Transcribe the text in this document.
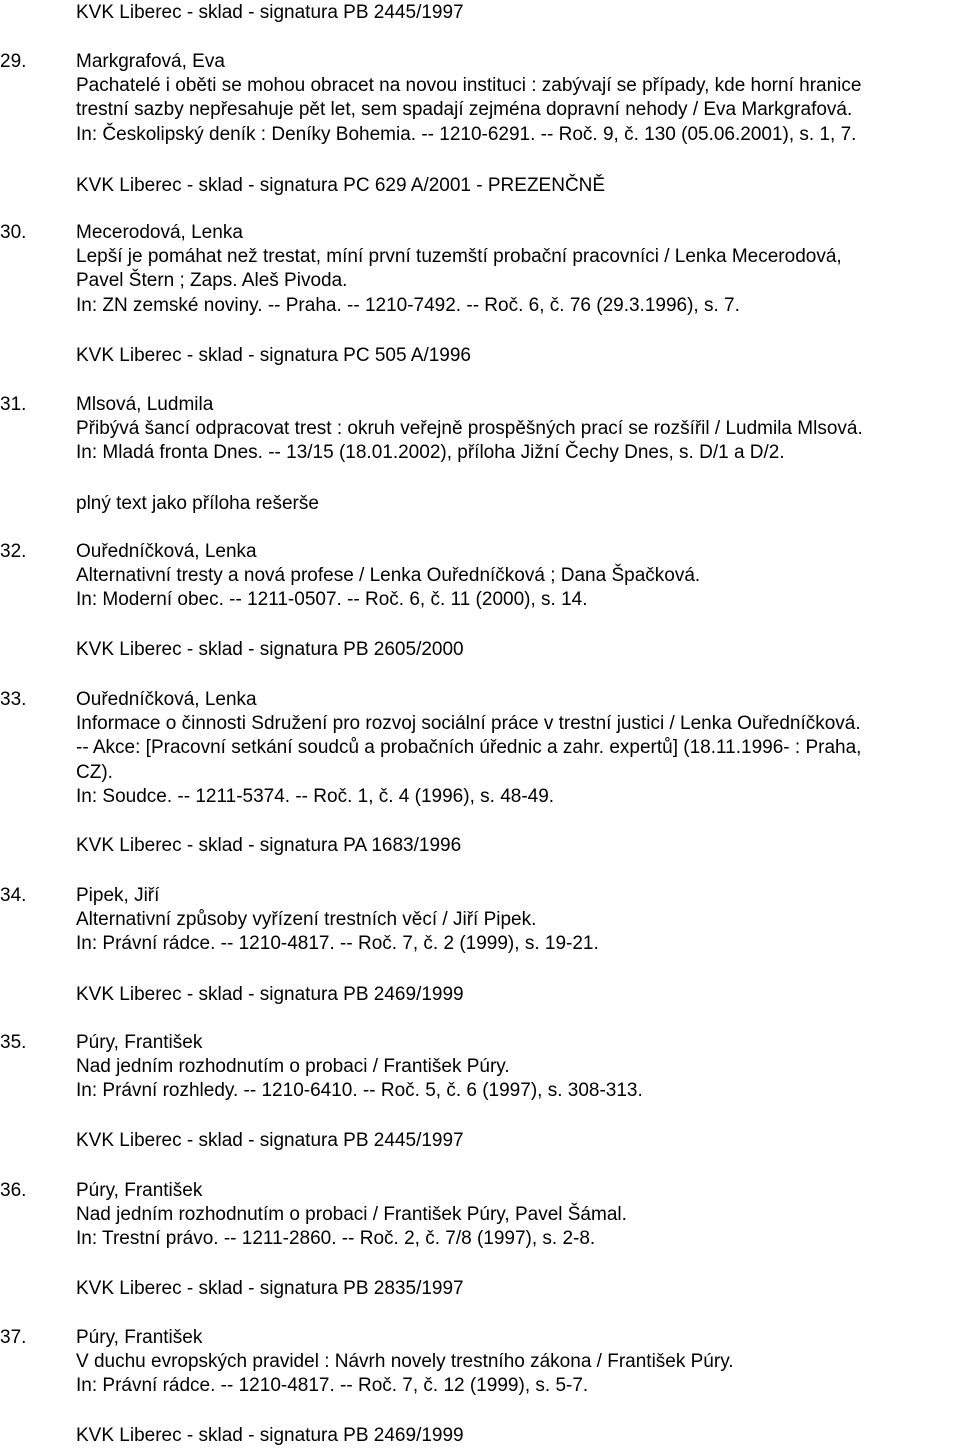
KVK Liberec - sklad - signatura PB 2445/1997
29.	Markgrafová, Eva
Pachatelé i oběti se mohou obracet na novou instituci : zabývají se případy, kde horní hranice
trestní sazby nepřesahuje pět let, sem spadají zejména dopravní nehody / Eva Markgrafová.
In: Českolipský deník : Deníky Bohemia. -- 1210-6291. -- Roč. 9, č. 130 (05.06.2001), s. 1, 7.
KVK Liberec - sklad - signatura PC 629 A/2001 - PREZENČNĚ
30.	Mecerodová, Lenka
Lepší je pomáhat než trestat, míní první tuzemští probační pracovníci / Lenka Mecerodová,
Pavel Štern ; Zaps. Aleš Pivoda.
In: ZN zemské noviny. -- Praha. -- 1210-7492. -- Roč. 6, č. 76 (29.3.1996), s. 7.
KVK Liberec - sklad - signatura PC 505 A/1996
31.	Mlsová, Ludmila
Přibývá šancí odpracovat trest : okruh veřejně prospěšných prací se rozšířil / Ludmila Mlsová.
In: Mladá fronta Dnes. -- 13/15 (18.01.2002), příloha Jižní Čechy Dnes, s. D/1 a D/2.
plný text jako příloha rešerše
32.	Ouředníčková, Lenka
Alternativní tresty a nová profese / Lenka Ouředníčková ; Dana Špačková.
In: Moderní obec. -- 1211-0507. -- Roč. 6, č. 11 (2000), s. 14.
KVK Liberec - sklad - signatura PB 2605/2000
33.	Ouředníčková, Lenka
Informace o činnosti Sdružení pro rozvoj sociální práce v trestní justici / Lenka Ouředníčková.
-- Akce: [Pracovní setkání soudců a probačních úřednic a zahr. expertů] (18.11.1996- : Praha,
CZ).
In: Soudce. -- 1211-5374. -- Roč. 1, č. 4 (1996), s. 48-49.
KVK Liberec - sklad - signatura PA 1683/1996
34.	Pipek, Jiří
Alternativní způsoby vyřízení trestních věcí / Jiří Pipek.
In: Právní rádce. -- 1210-4817. -- Roč. 7, č. 2 (1999), s. 19-21.
KVK Liberec - sklad - signatura PB 2469/1999
35.	Púry, František
Nad jedním rozhodnutím o probaci / František Púry.
In: Právní rozhledy. -- 1210-6410. -- Roč. 5, č. 6 (1997), s. 308-313.
KVK Liberec - sklad - signatura PB 2445/1997
36.	Púry, František
Nad jedním rozhodnutím o probaci / František Púry, Pavel Šámal.
In: Trestní právo. -- 1211-2860. -- Roč. 2, č. 7/8 (1997), s. 2-8.
KVK Liberec - sklad - signatura PB 2835/1997
37.	Púry, František
V duchu evropských pravidel : Návrh novely trestního zákona / František Púry.
In: Právní rádce. -- 1210-4817. -- Roč. 7, č. 12 (1999), s. 5-7.
KVK Liberec - sklad - signatura PB 2469/1999
